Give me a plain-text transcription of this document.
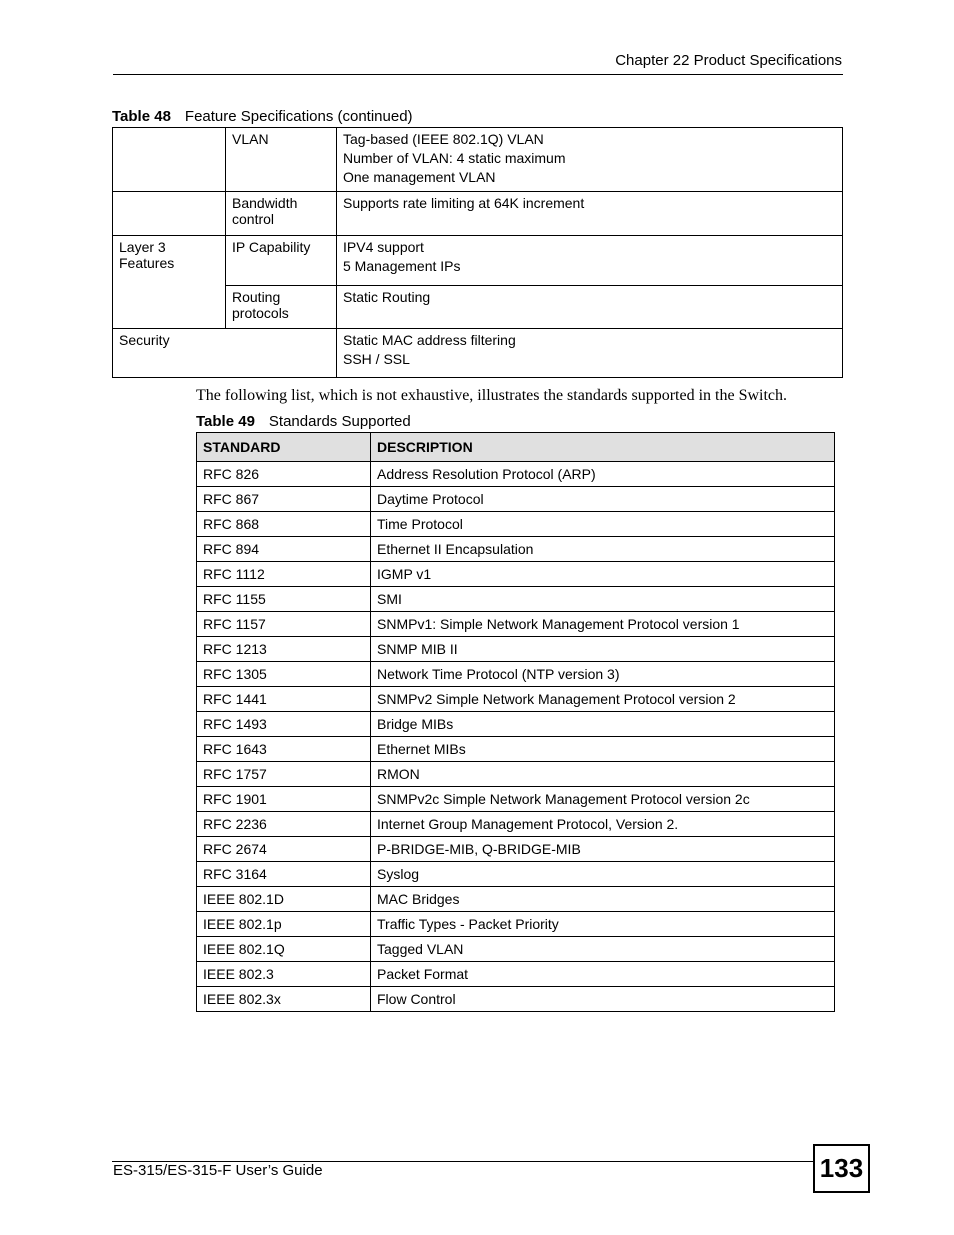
Chapter 22 Product Specifications
Table 48 Feature Specifications (continued)
	VLAN	Tag-based (IEEE 802.1Q) VLAN
Number of VLAN: 4 static maximum
One management VLAN

	Bandwidth control	Supports rate limiting at 64K increment

Layer 3 Features	IP Capability	IPV4 support
5 Management IPs

	Routing protocols	Static Routing

Security		Static MAC address filtering
SSH / SSL
The following list, which is not exhaustive, illustrates the standards supported in the Switch.
Table 49 Standards Supported
STANDARD	DESCRIPTION
RFC 826	Address Resolution Protocol (ARP)
RFC 867	Daytime Protocol
RFC 868	Time Protocol
RFC 894	Ethernet II Encapsulation
RFC 1112	IGMP v1
RFC 1155	SMI
RFC 1157	SNMPv1: Simple Network Management Protocol version 1
RFC 1213	SNMP MIB II
RFC 1305	Network Time Protocol (NTP version 3)
RFC 1441	SNMPv2 Simple Network Management Protocol version 2
RFC 1493	Bridge MIBs
RFC 1643	Ethernet MIBs
RFC 1757	RMON
RFC 1901	SNMPv2c Simple Network Management Protocol version 2c
RFC 2236	Internet Group Management Protocol, Version 2.
RFC 2674	P-BRIDGE-MIB, Q-BRIDGE-MIB
RFC 3164	Syslog
IEEE 802.1D	MAC Bridges
IEEE 802.1p	Traffic Types - Packet Priority
IEEE 802.1Q	Tagged VLAN
IEEE 802.3	Packet Format
IEEE 802.3x	Flow Control
ES-315/ES-315-F User’s Guide	133
